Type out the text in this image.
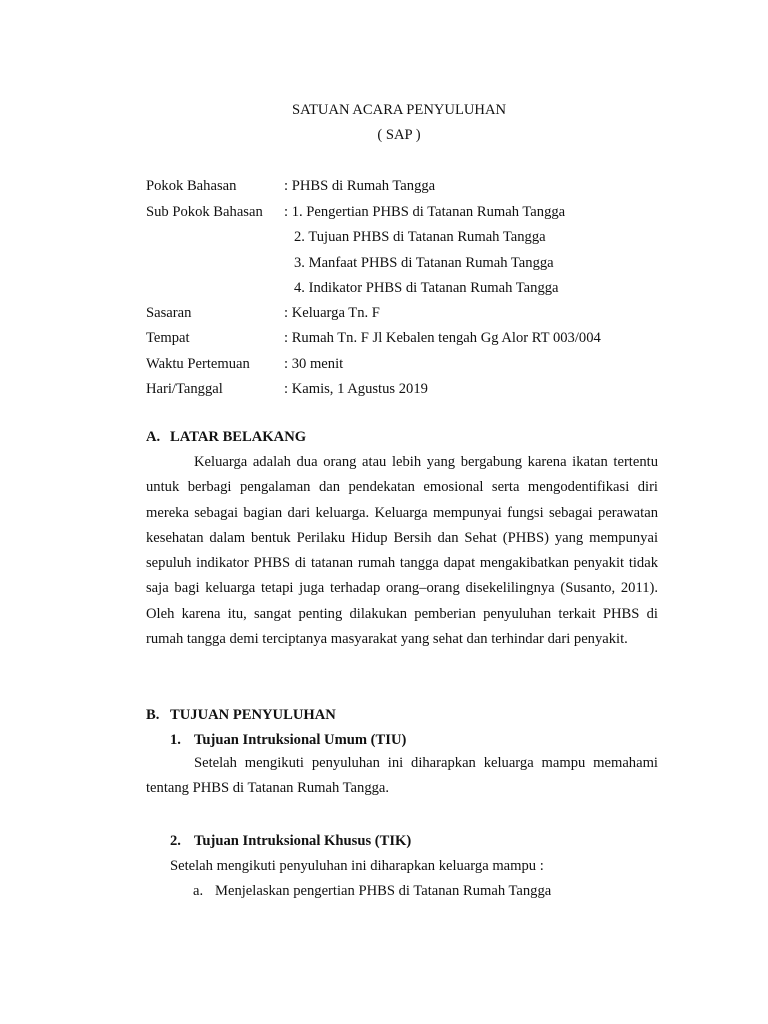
SATUAN ACARA PENYULUHAN
( SAP )
Pokok Bahasan	: PHBS di Rumah Tangga
Sub Pokok Bahasan : 1. Pengertian PHBS di Tatanan Rumah Tangga
2. Tujuan PHBS di Tatanan Rumah Tangga
3. Manfaat PHBS di Tatanan Rumah Tangga
4. Indikator PHBS di Tatanan Rumah Tangga
Sasaran	: Keluarga Tn. F
Tempat	: Rumah Tn. F Jl Kebalen tengah Gg Alor RT 003/004
Waktu Pertemuan : 30 menit
Hari/Tanggal	: Kamis, 1 Agustus 2019
A. LATAR BELAKANG
Keluarga adalah dua orang atau lebih yang bergabung karena ikatan tertentu untuk berbagi pengalaman dan pendekatan emosional serta mengodentifikasi diri mereka sebagai bagian dari keluarga. Keluarga mempunyai fungsi sebagai perawatan kesehatan dalam bentuk Perilaku Hidup Bersih dan Sehat (PHBS) yang mempunyai sepuluh indikator PHBS di tatanan rumah tangga dapat mengakibatkan penyakit tidak saja bagi keluarga tetapi juga terhadap orang–orang disekelilingnya (Susanto, 2011). Oleh karena itu, sangat penting dilakukan pemberian penyuluhan terkait PHBS di rumah tangga demi terciptanya masyarakat yang sehat dan terhindar dari penyakit.
B. TUJUAN PENYULUHAN
1. Tujuan Intruksional Umum (TIU)
Setelah mengikuti penyuluhan ini diharapkan keluarga mampu memahami tentang PHBS di Tatanan Rumah Tangga.
2. Tujuan Intruksional Khusus (TIK)
Setelah mengikuti penyuluhan ini diharapkan keluarga mampu :
a. Menjelaskan pengertian PHBS di Tatanan Rumah Tangga
